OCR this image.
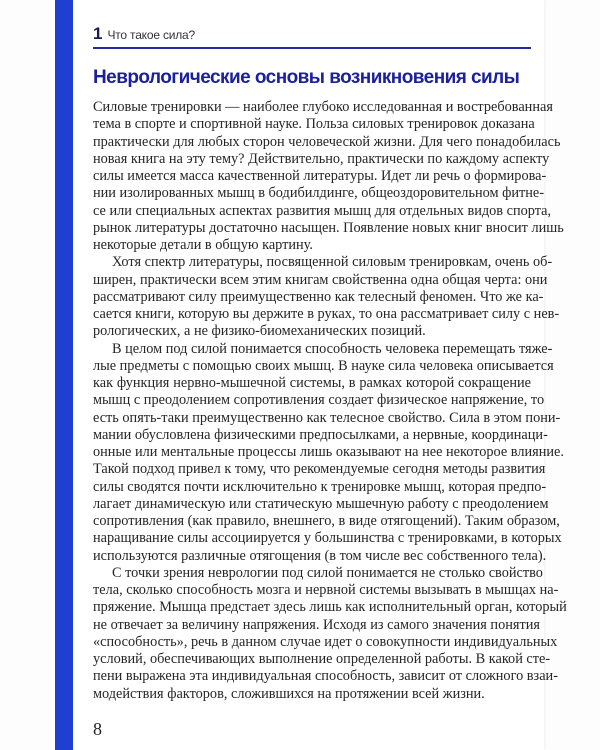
1 Что такое сила?
Неврологические основы возникновения силы
Силовые тренировки — наиболее глубоко исследованная и востребованная
тема в спорте и спортивной науке. Польза силовых тренировок доказана
практически для любых сторон человеческой жизни. Для чего понадобилась
новая книга на эту тему? Действительно, практически по каждому аспекту
силы имеется масса качественной литературы. Идет ли речь о формирова-
нии изолированных мышц в бодибилдинге, общеоздоровительном фитне-
се или специальных аспектах развития мышц для отдельных видов спорта,
рынок литературы достаточно насыщен. Появление новых книг вносит лишь
некоторые детали в общую картину.
Хотя спектр литературы, посвященной силовым тренировкам, очень об-
ширен, практически всем этим книгам свойственна одна общая черта: они
рассматривают силу преимущественно как телесный феномен. Что же ка-
сается книги, которую вы держите в руках, то она рассматривает силу с нев-
рологических, а не физико-биомеханических позиций.
В целом под силой понимается способность человека перемещать тяже-
лые предметы с помощью своих мышц. В науке сила человека описывается
как функция нервно-мышечной системы, в рамках которой сокращение
мышц с преодолением сопротивления создает физическое напряжение, то
есть опять-таки преимущественно как телесное свойство. Сила в этом пони-
мании обусловлена физическими предпосылками, а нервные, координаци-
онные или ментальные процессы лишь оказывают на нее некоторое влияние.
Такой подход привел к тому, что рекомендуемые сегодня методы развития
силы сводятся почти исключительно к тренировке мышц, которая предпо-
лагает динамическую или статическую мышечную работу с преодолением
сопротивления (как правило, внешнего, в виде отягощений). Таким образом,
наращивание силы ассоциируется у большинства с тренировками, в которых
используются различные отягощения (в том числе вес собственного тела).
С точки зрения неврологии под силой понимается не столько свойство
тела, сколько способность мозга и нервной системы вызывать в мышцах на-
пряжение. Мышца предстает здесь лишь как исполнительный орган, который
не отвечает за величину напряжения. Исходя из самого значения понятия
«способность», речь в данном случае идет о совокупности индивидуальных
условий, обеспечивающих выполнение определенной работы. В какой сте-
пени выражена эта индивидуальная способность, зависит от сложного взаи-
модействия факторов, сложившихся на протяжении всей жизни.
8
